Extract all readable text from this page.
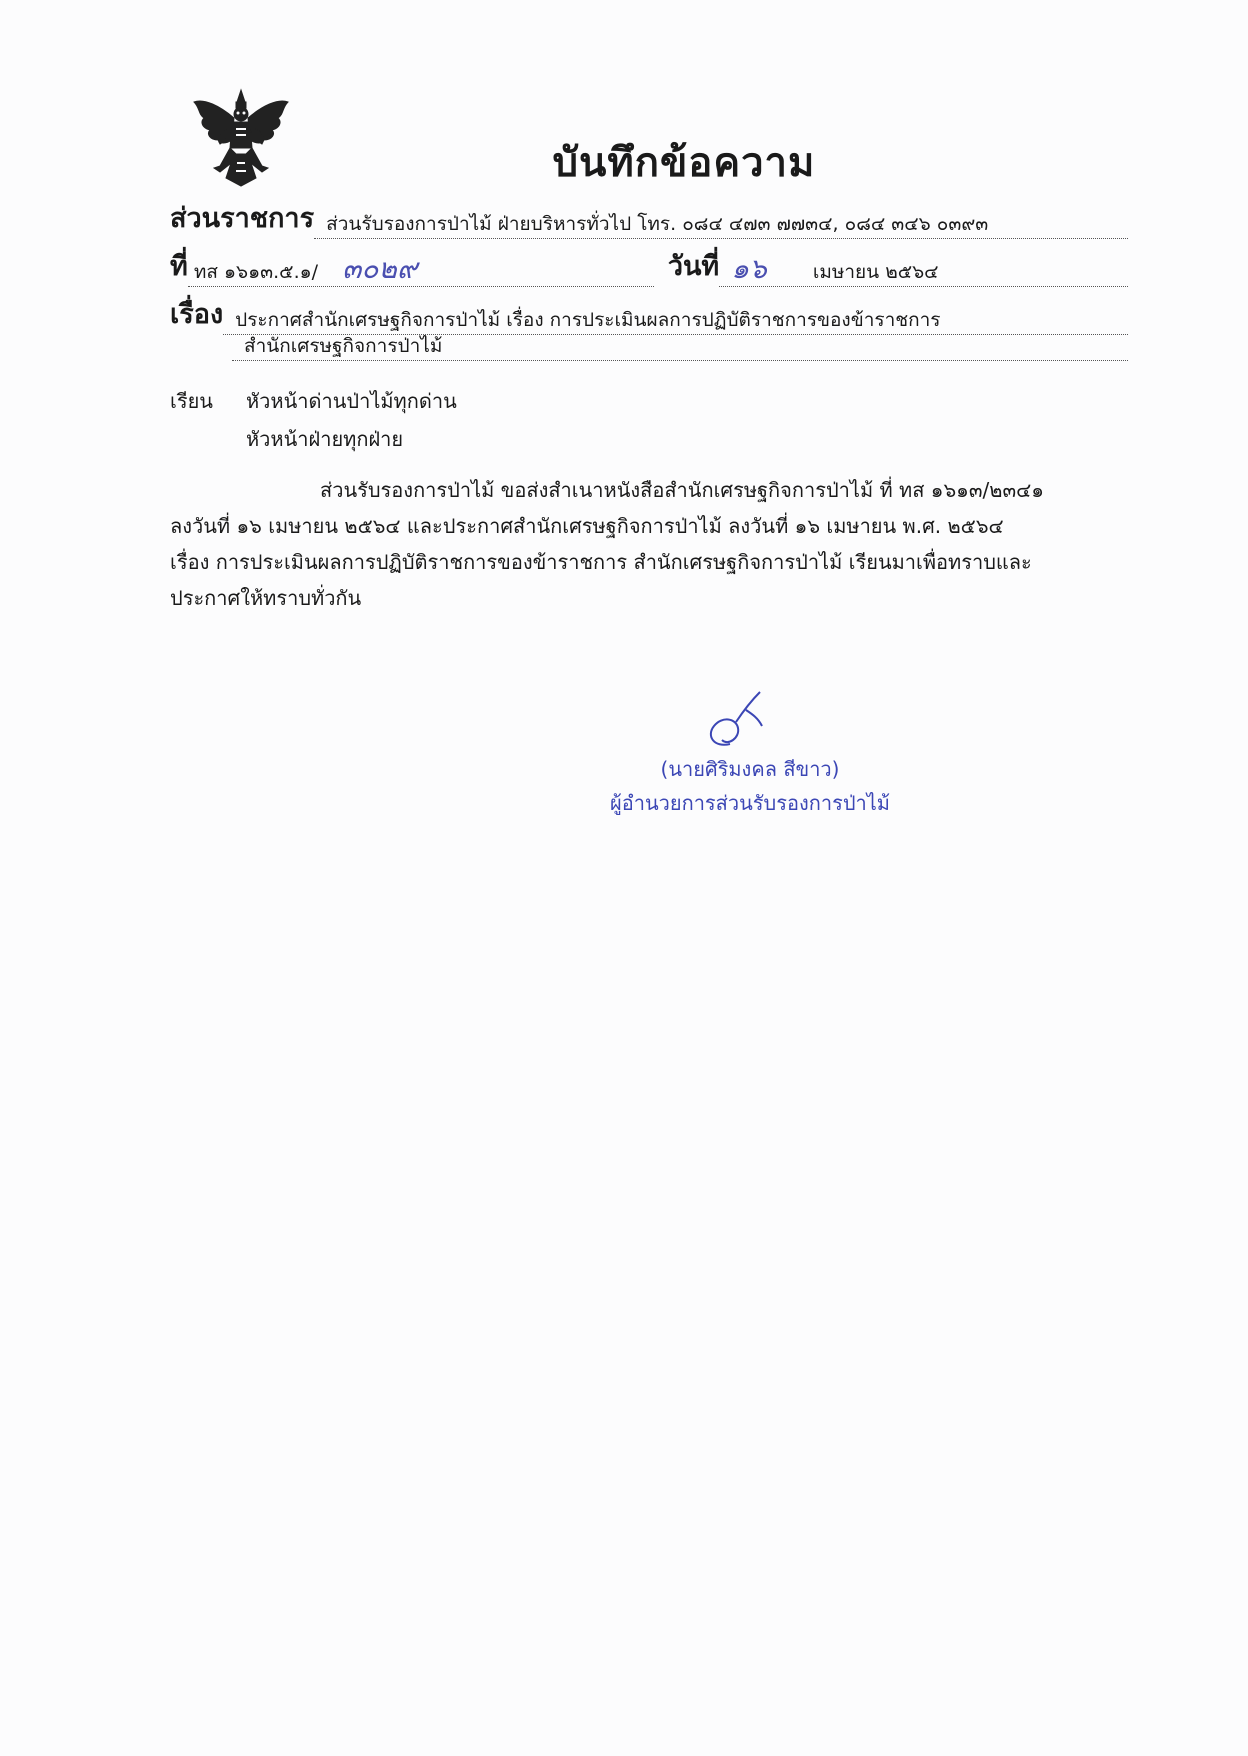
บันทึกข้อความ
ส่วนราชการ ส่วนรับรองการป่าไม้ ฝ่ายบริหารทั่วไป โทร. ๐๘๔ ๔๗๓ ๗๗๓๔, ๐๘๔ ๓๔๖ ๐๓๙๓
ที่ ทส ๑๖๑๓.๕.๑/ ๓๐๒๙	วันที่ ๑๖ เมษายน ๒๕๖๔
เรื่อง ประกาศสำนักเศรษฐกิจการป่าไม้ เรื่อง การประเมินผลการปฏิบัติราชการของข้าราชการ
สำนักเศรษฐกิจการป่าไม้
เรียน หัวหน้าด่านป่าไม้ทุกด่าน
หัวหน้าฝ่ายทุกฝ่าย
ส่วนรับรองการป่าไม้ ขอส่งสำเนาหนังสือสำนักเศรษฐกิจการป่าไม้ ที่ ทส ๑๖๑๓/๒๓๔๑
ลงวันที่ ๑๖ เมษายน ๒๕๖๔ และประกาศสำนักเศรษฐกิจการป่าไม้ ลงวันที่ ๑๖ เมษายน พ.ศ. ๒๕๖๔
เรื่อง การประเมินผลการปฏิบัติราชการของข้าราชการ สำนักเศรษฐกิจการป่าไม้ เรียนมาเพื่อทราบและ
ประกาศให้ทราบทั่วกัน
(นายศิริมงคล สีขาว)
ผู้อำนวยการส่วนรับรองการป่าไม้
